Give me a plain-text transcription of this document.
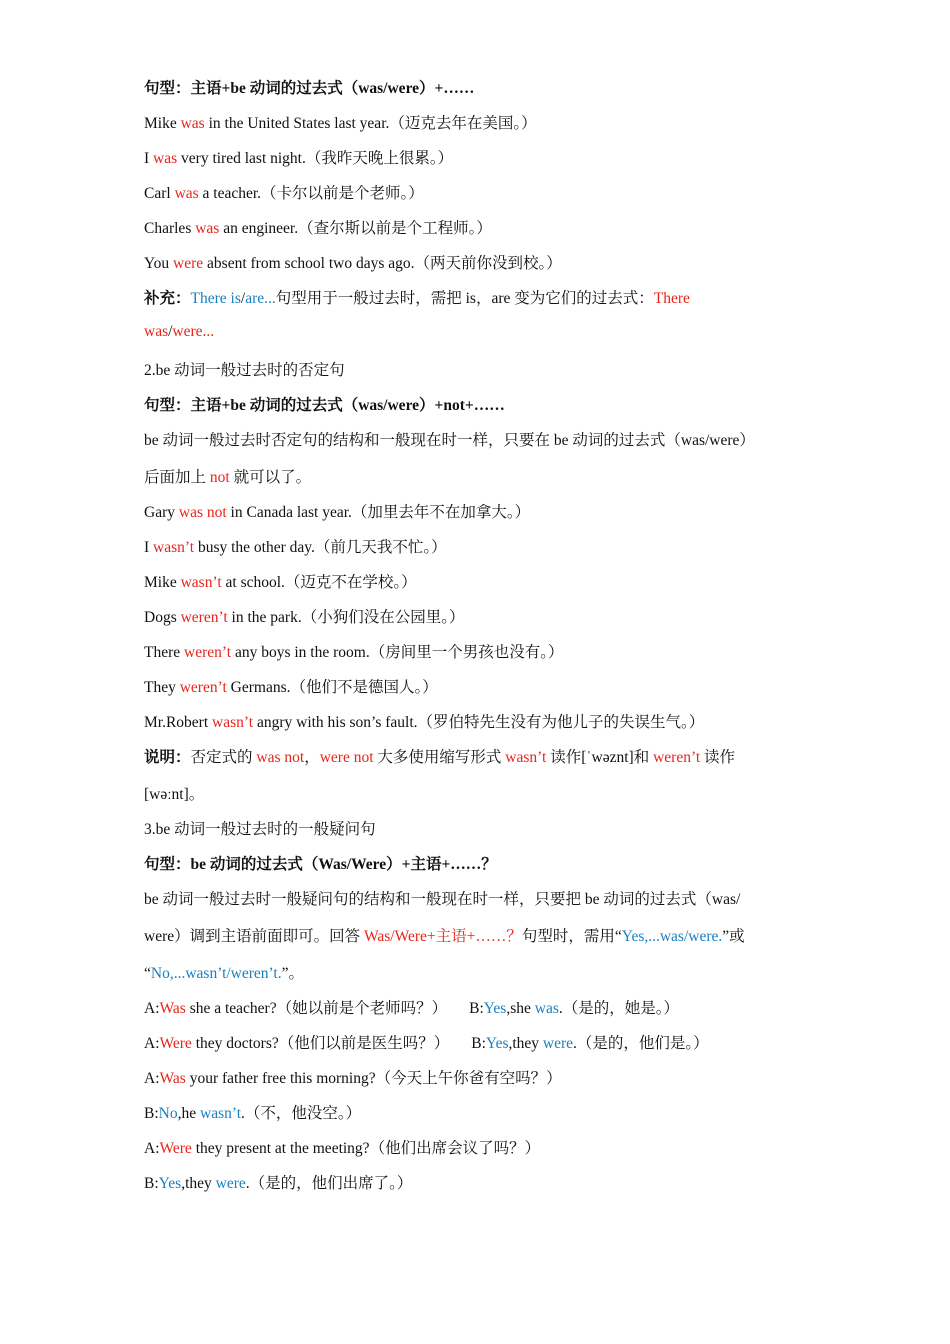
句型：主语+be 动词的过去式（was/were）+……
Mike was in the United States last year.（迈克去年在美国。）
I was very tired last night.（我昨天晚上很累。）
Carl was a teacher.（卡尔以前是个老师。）
Charles was an engineer.（查尔斯以前是个工程师。）
You were absent from school two days ago.（两天前你没到校。）
补充：There is/are...句型用于一般过去时，需把 is，are 变为它们的过去式：There
was/were...
2.be 动词一般过去时的否定句
句型：主语+be 动词的过去式（was/were）+not+……
be 动词一般过去时否定句的结构和一般现在时一样，只要在 be 动词的过去式（was/were）
后面加上 not 就可以了。
Gary was not in Canada last year.（加里去年不在加拿大。）
I wasn’t busy the other day.（前几天我不忙。）
Mike wasn’t at school.（迈克不在学校。）
Dogs weren’t in the park.（小狗们没在公园里。）
There weren’t any boys in the room.（房间里一个男孩也没有。）
They weren’t Germans.（他们不是德国人。）
Mr.Robert wasn’t angry with his son’s fault.（罗伯特先生没有为他儿子的失误生气。）
说明：否定式的 was not，were not 大多使用缩写形式 wasn’t 读作[ˈwəznt]和 weren’t 读作
[wəːnt]。
3.be 动词一般过去时的一般疑问句
句型：be 动词的过去式（Was/Were）+主语+……？
be 动词一般过去时一般疑问句的结构和一般现在时一样，只要把 be 动词的过去式（was/
were）调到主语前面即可。回答 Was/Were+主语+……？句型时，需用“Yes,...was/were.”或
“No,...wasn’t/weren’t.”。
A:Was she a teacher?（她以前是个老师吗？） B:Yes,she was.（是的，她是。）
A:Were they doctors?（他们以前是医生吗？） B:Yes,they were.（是的，他们是。）
A:Was your father free this morning?（今天上午你爸有空吗？）
B:No,he wasn’t.（不，他没空。）
A:Were they present at the meeting?（他们出席会议了吗？）
B:Yes,they were.（是的，他们出席了。）
